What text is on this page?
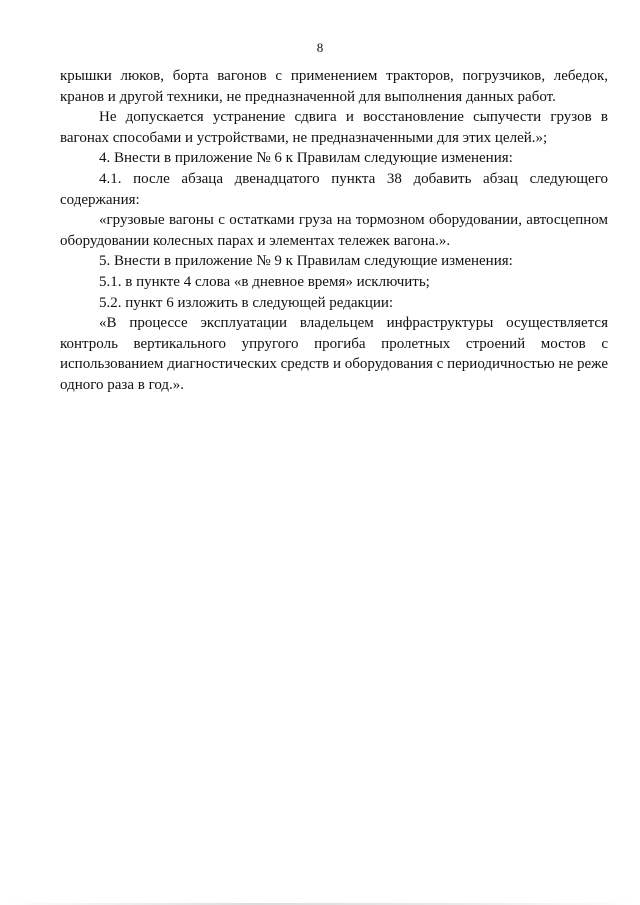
8

крышки люков, борта вагонов с применением тракторов, погрузчиков, лебедок, кранов и другой техники, не предназначенной для выполнения данных работ.

Не допускается устранение сдвига и восстановление сыпучести грузов в вагонах способами и устройствами, не предназначенными для этих целей.»;

4. Внести в приложение № 6 к Правилам следующие изменения:

4.1. после абзаца двенадцатого пункта 38 добавить абзац следующего содержания:

«грузовые вагоны с остатками груза на тормозном оборудовании, автосцепном оборудовании колесных парах и элементах тележек вагона.».

5. Внести в приложение № 9 к Правилам следующие изменения:

5.1. в пункте 4 слова «в дневное время» исключить;

5.2. пункт 6 изложить в следующей редакции:

«В процессе эксплуатации владельцем инфраструктуры осуществляется контроль вертикального упругого прогиба пролетных строений мостов с использованием диагностических средств и оборудования с периодичностью не реже одного раза в год.».
